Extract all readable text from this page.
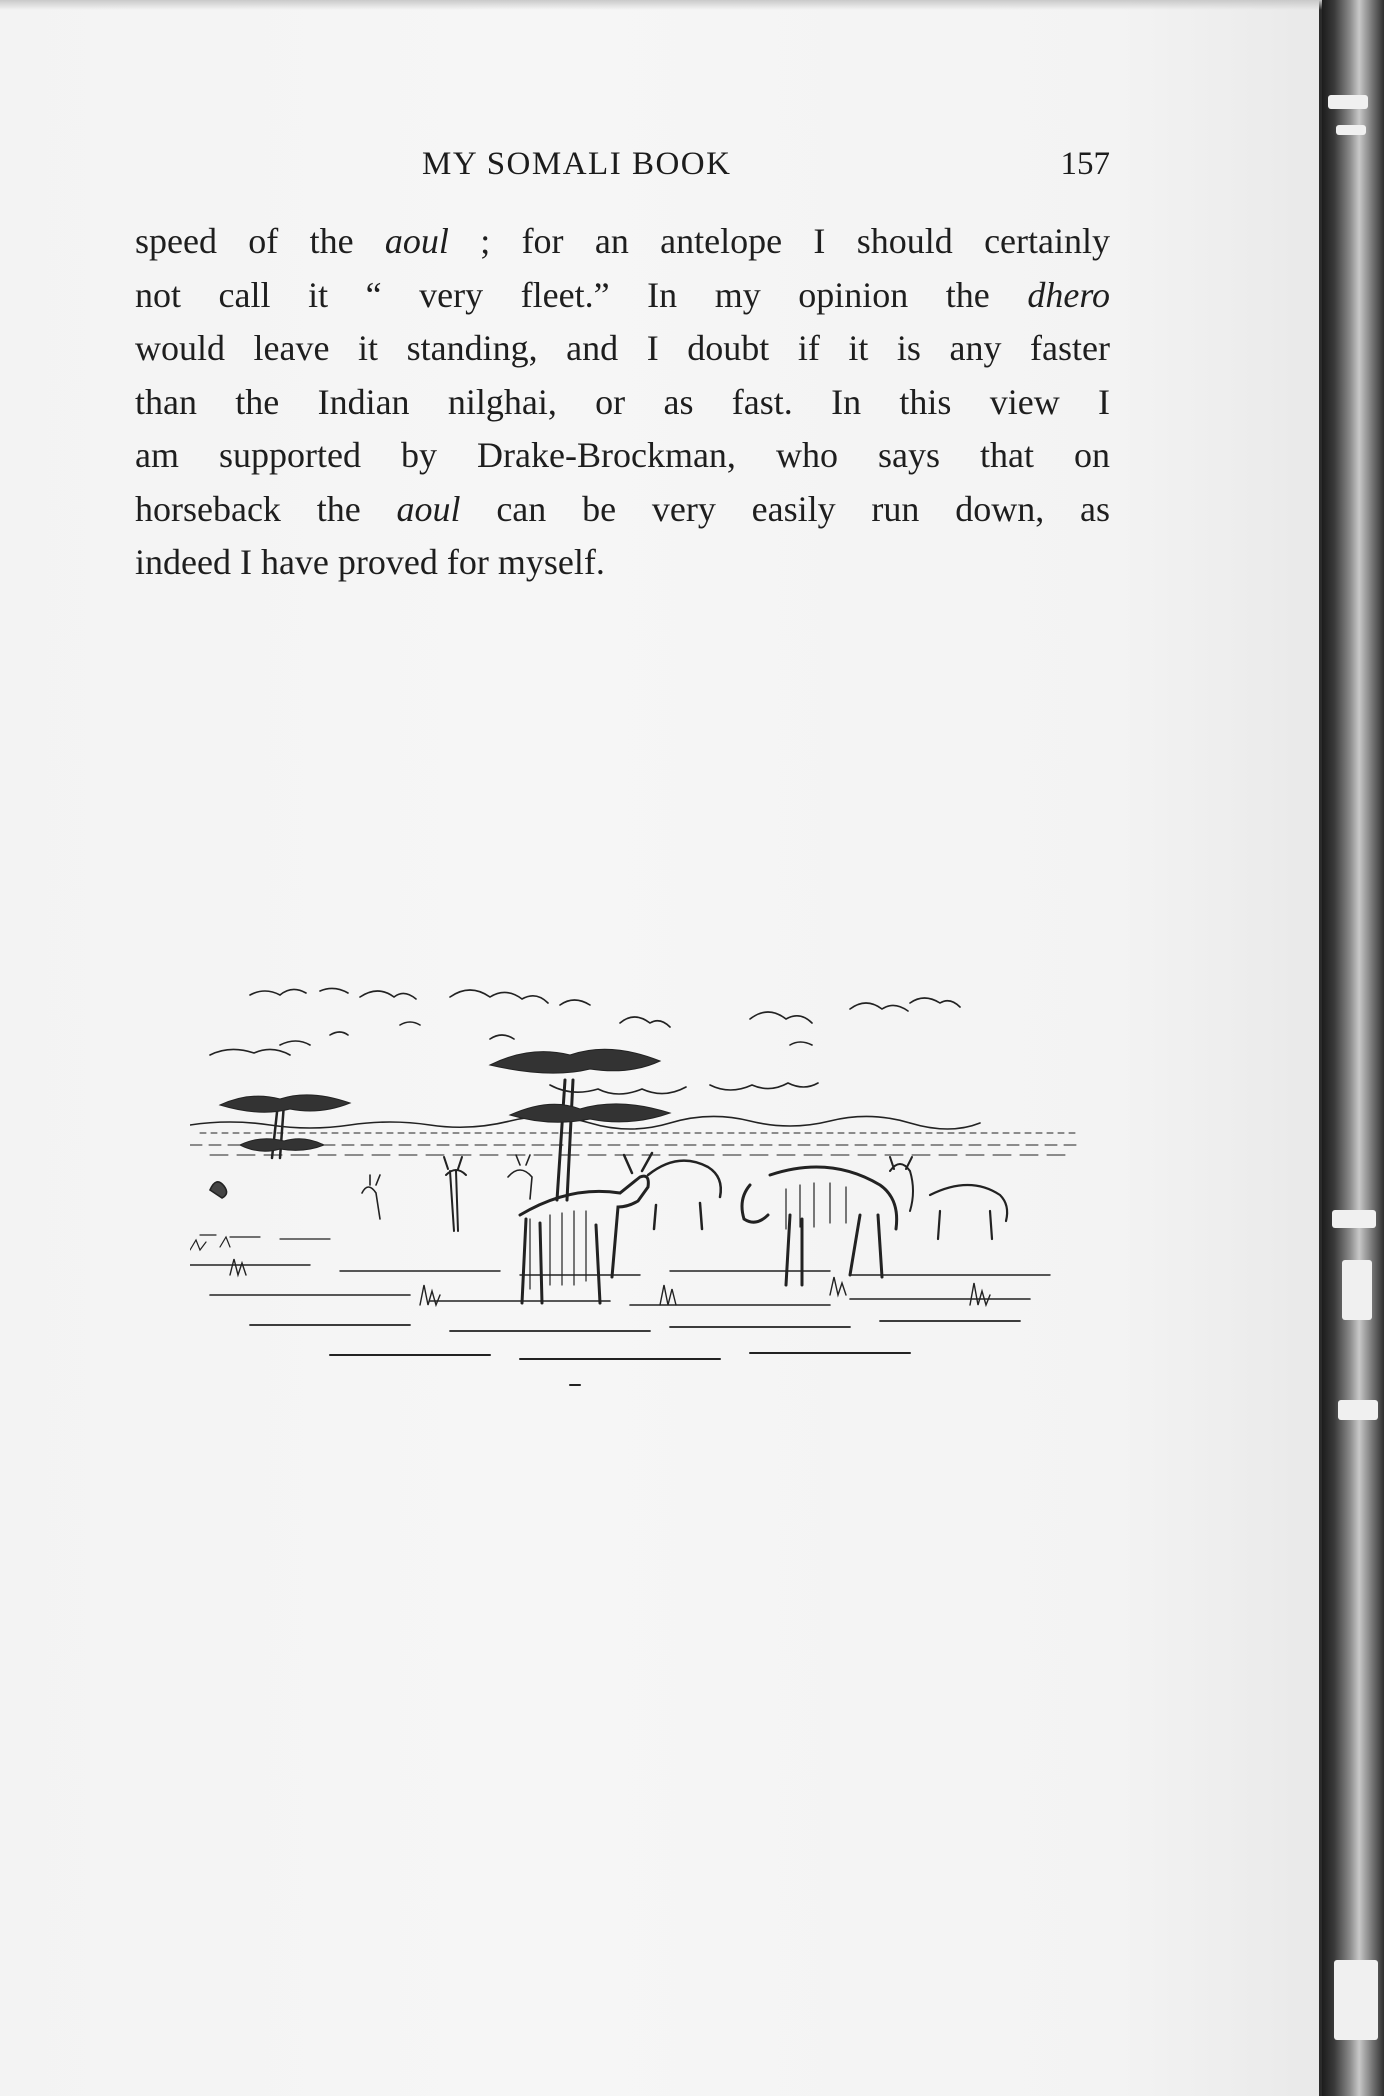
MY SOMALI BOOK	157
speed of the aoul ; for an antelope I should certainly
not call it “ very fleet.” In my opinion the dhero
would leave it standing, and I doubt if it is any faster
than the Indian nilghai, or as fast. In this view I
am supported by Drake-Brockman, who says that on
horseback the aoul can be very easily run down, as
indeed I have proved for myself.
